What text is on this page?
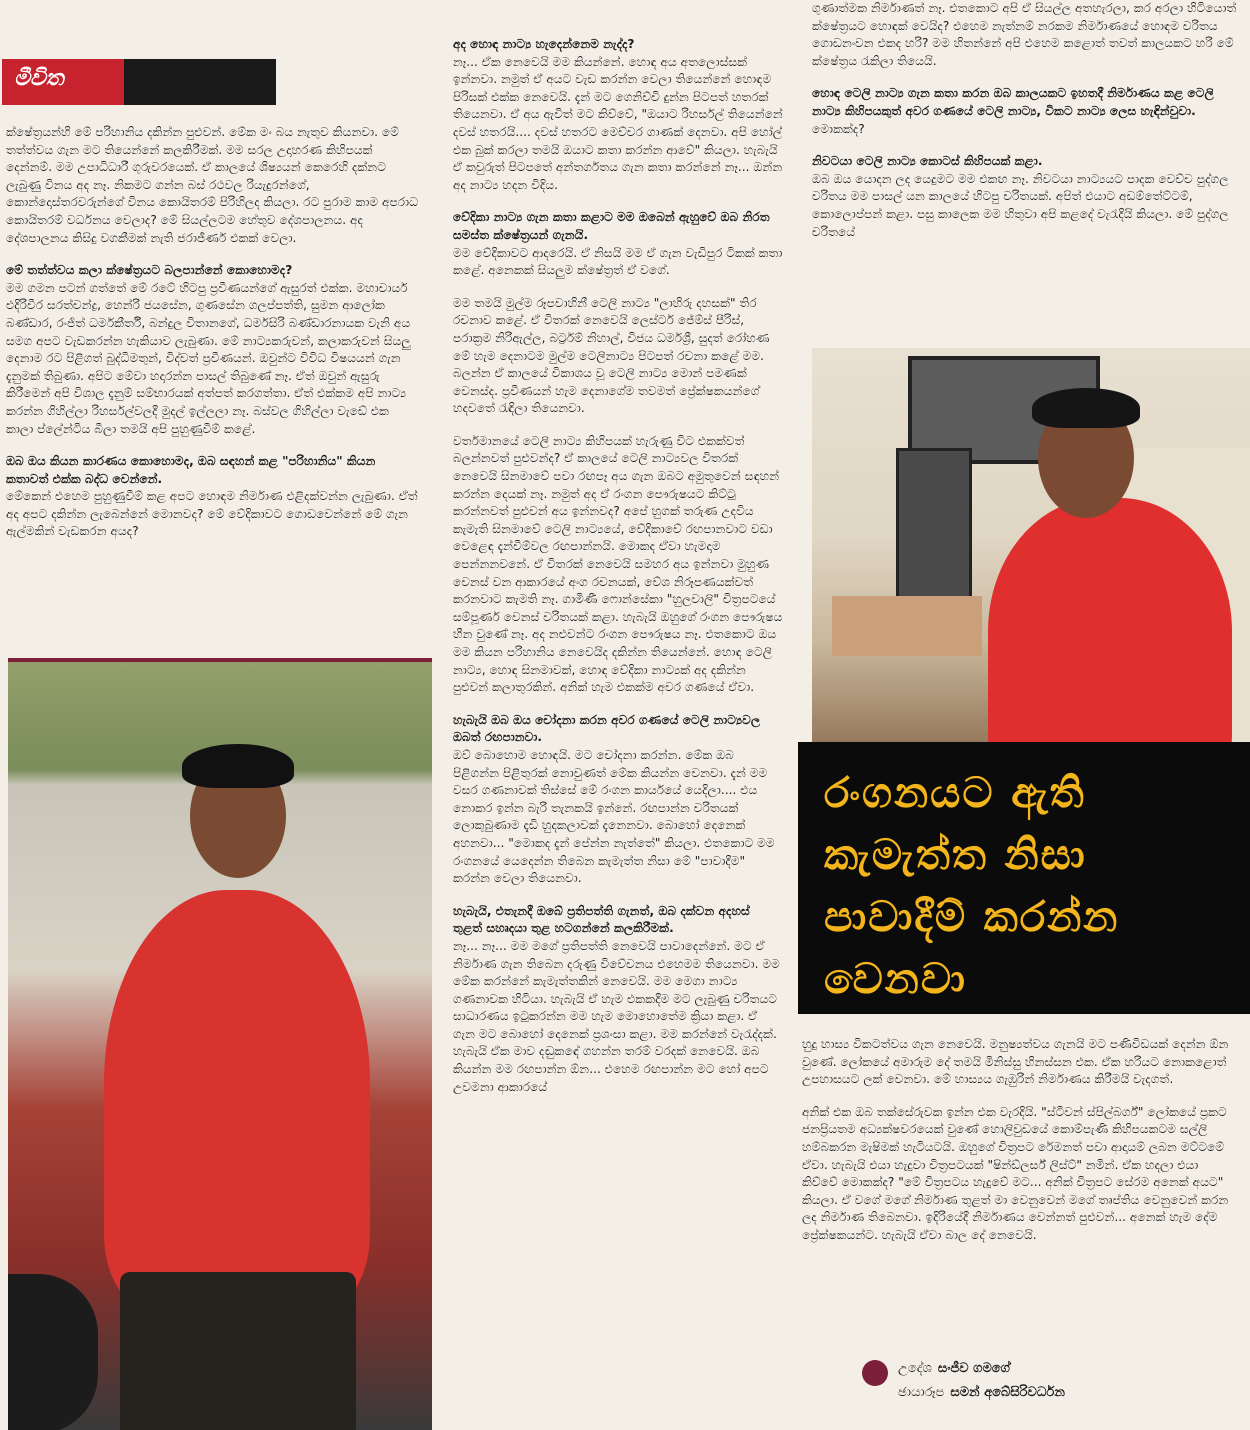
මීවිත

ක්ෂේත්‍රයන්හි මේ පරිහානිය දකින්න පුළුවන්. මේක මං බය නැතුව කියනවා. මේ තත්ත්වය ගැන මට තියෙන්නේ කලකිරීමක්. මම සරල උදාහරණ කිහිපයක් දෙන්නම්. මම උපාධිධාරී ගුරුවරයෙක්. ඒ කාලයේ ශිෂ්‍යයන් කෙරෙහි දක්නට ලැබුණු විනය අද නෑ. නිකමට ගන්න බස් රථවල රියැදුරන්ගේ, කොන්දොස්තරවරුන්ගේ විනය කොයිතරම් පිරිහිලද කියලා. රට පුරාම කාම අපරාධ කොයිතරම් වර්ධනය වෙලාද? මේ සියල්ලටම හේතුව දේශපාලනය. අද දේශපාලනය කිසිදු වගකීමක් නැති ජරාජීර්ණ එකක් වෙලා.

මේ තත්ත්වය කලා ක්ෂේත්‍රයට බලපාන්නේ කොහොමද?

මම ගමන පටන් ගත්තේ මේ රටේ හිටපු ප්‍රවීණයන්ගේ ඇසුරත් එක්ක. මහාචාර්ය එදිරිවීර සරත්චන්ද්‍ර, හෙන්රි ජයසේන, ගුණසේන ගලප්පත්ති, සුමන ආලෝක බණ්ඩාර, රංජිත් ධර්මකීර්ති, බන්දුල විතානගේ, ධර්මසිරි බණ්ඩාරනායක වැනි අය සමග අපට වැඩකරන්න හැකියාව ලැබුණා. මේ නාට්‍යකරුවන්, කලාකරුවන් සියලු දෙනාම රට පිළිගත් බුද්ධිමතුන්, විද්වත් ප්‍රවීණයන්. ඔවුන්ට විවිධ විෂයයන් ගැන දැනුමක් තිබුණා. අපිට මේවා හදාරන්න පාසල් තිබුණේ නෑ. ඒත් ඔවුන් ඇසුරු කිරීමෙන් අපි විශාල දැනුම් සම්භාරයක් අත්පත් කරගත්තා. ඒත් එක්කම අපි නාට්‍ය කරන්න ගිහිල්ලා රිහර්සල්වලදී මුදල් ඉල්ලලා නෑ. බස්වල ගිහිල්ලා වැඩේ එක කාලා ප්ලේන්ටිය බීලා තමයි අපි පුහුණුවීම් කළේ.

ඔබ ඔය කියන කාරණය කොහොමද, ඔබ සඳහන් කළ "පරිහානිය" කියන කතාවත් එක්ක බද්ධ වෙන්නේ.

මේකෙන් එහෙම පුහුණුවීම් කළ අපට හොඳම නිර්මාණ එළිදක්වන්න ලැබුණා. ඒත් අද අපට දකින්න ලැබෙන්නේ මොනවද? මේ වේදිකාවට ගොඩවෙන්නේ මේ ගැන ඇල්මකින් වැඩකරන අයද?

අද හොඳ නාට්‍ය හැදෙන්නෙම නැද්ද?

නෑ... ඒක නෙවෙයි මම කියන්නේ. හොඳ අය අතලොස්සක් ඉන්නවා. නමුත් ඒ අයට වැඩ කරන්න වෙලා තියෙන්නේ හොඳම පිරිසක් එක්ක නෙවෙයි. දැන් මට ගෙනිච්චි දුන්න පිටපත් හතරක් තියෙනවා. ඒ අය ඇවිත් මට කිව්වේ, "ඔයාට රිහර්සල් තියෙන්නේ දවස් හතරයි.... දවස් හතරට මෙච්චර ගාණක් දෙනවා. අපි හෝල් එක බුක් කරලා තමයි ඔයාට කතා කරන්න ආවේ" කියලා. හැබැයි ඒ කවුරුත් පිටපතේ අන්තර්ගතය ගැන කතා කරන්නේ නෑ... ඔන්න අද නාට්‍ය හදන විදිය.

වේදිකා නාට්‍ය ගැන කතා කළාට මම ඔබෙන් ඇහුවේ ඔබ නිරත සමස්ත ක්ෂේත්‍රයන් ගැනයි.

මම වේදිකාවට ආදරෙයි. ඒ නිසයි මම ඒ ගැන වැඩිපුර ටිකක් කතා කළේ. අනෙකක් සියලුම ක්ෂේත්‍රත් ඒ වගේ.

මම තමයි මුල්ම රූපවාහිනී ටෙලි නාට්‍ය "ලාහිරු දහසක්" තිර රචනාව කළේ. ඒ විතරක් නෙවෙයි ලෙස්ටර් ජේම්ස් පීරිස්, පරාක්‍රම නිරිඇල්ල, බර්ට්‍රම් නිහාල්, විජය ධර්මශ්‍රී, සුදත් රෝහණ මේ හැම දෙනාටම මුල්ම ටෙලිනාට්‍ය පිටපත් රචනා කළේ මම. බලන්න ඒ කාලයේ විකාශය වූ ටෙලි නාට්‍ය මොන් පමණක් වෙනස්ද. ප්‍රවීණයන් හැම දෙනාගේම තවමත් ප්‍රේක්ෂකයන්ගේ හදවතේ රැඳිලා තියෙනවා.

වර්තමානයේ ටෙලි නාට්‍ය කිහිපයක් හැරුණු විට එකක්වත් බලන්නවත් පුළුවන්ද? ඒ කාලයේ ටෙලි නාට්‍යවල විතරක් නෙවෙයි සිනමාවේ පවා රඟපෑ අය ගැන ඔබට අමුතුවෙන් සඳහන් කරන්න දෙයක් නෑ. නමුත් අද ඒ රංගන පෞරුෂයට කිට්ටු කරන්නවත් පුළුවන් අය ඉන්නවද? අපේ හුගක් තරුණ උදවිය කැමැති සිනමාවේ ටෙලි නාට්‍යයේ, වේදිකාවේ රඟපානවාට වඩා වෙළෙඳ දැන්වීම්වල රඟපාන්නයි. මොකද ඒවා හැමදාම පෙන්නනවනේ. ඒ විතරක් නෙවෙයි සමහර අය ඉන්නවා මුහුණ වෙනස් වන ආකාරයේ අංග රචනයක්, වේශ නිරූපණයක්වත් කරනවාට කැමති නෑ. ගාමිණී ෆොන්සේකා "හුලවාලි" චිත්‍රපටයේ සම්පූර්ණ වෙනස් චරිතයක් කළා. හැබැයි ඔහුගේ රංගන පෞරුෂය හීන වුණේ නෑ. අද නළුවන්ට රංගන පෞරුෂය නෑ. එතකොට ඔය මම කියන පරිහානිය නෙවෙයිද දකින්න තියෙන්නේ. හොඳ ටෙලි නාට්‍ය, හොඳ සිනමාවක්, හොඳ වේදිකා නාට්‍යක් අද දකින්න පුළුවන් කලාතුරකින්. අනික් හැම එකක්ම අවර ගණයේ ඒවා.

හැබැයි ඔබ ඔය චෝදනා කරන අවර ගණයේ ටෙලි නාට්‍යවල ඔබත් රඟපානවා.

ඔව් බොහොම හොඳයි. මට චෝදනා කරන්න. මේක ඔබ පිළිගන්න පිළිතුරක් නොවුණත් මේක කියන්න වෙනවා. දැන් මම වසර ගණනාවක් තිස්සේ මේ රංගන කාර්යයේ යෙදිලා.... එය නොකර ඉන්න බැරි තැනකයි ඉන්නේ. රඟපාන්න චරිතයක් ලොකුබුණාම දැඩි හුදකලාවක් දැනෙනවා. බොහෝ දෙනෙක් අහනවා... "මොකද දැන් පේන්න නැත්තේ" කියලා. එතකොට මම රංගනයේ යෙදෙන්න තිබෙන කැමැත්ත නිසා මේ "පාවාදීම" කරන්න වෙලා තියෙනවා.

හැබැයි, එතැනදී ඔබේ ප්‍රතිපත්ති ගැනත්, ඔබ දක්වන අදහස් තුළත් සහෘදයා තුළ හටගන්නේ කලකිරීමක්.

නෑ... නෑ... මම මගේ ප්‍රතිපත්ති නෙවෙයි පාවාදෙන්නේ. මට ඒ නිර්මාණ ගැන තිබෙන දරුණු විවේචනය එහෙමම තියෙනවා. මම මේක කරන්නේ කැමැත්තකින් නෙවෙයි. මම මෙගා නාට්‍ය ගණනාවක හිටියා. හැබැයි ඒ හැම එකකදීම මට ලැබුණු චරිතයට සාධාරණය ඉටුකරන්න මම හැම මොහොතේම ක්‍රියා කළා. ඒ ගැන මට බොහෝ දෙනෙක් ප්‍රශංසා කළා. මම කරන්නේ වැරැද්දක්. හැබැයි ඒක මාව දඬුකඳේ ගහන්න තරම් වරදක් නෙවෙයි. ඔබ කියන්න මම රඟපාන්න ඕන... එහෙම රඟපාන්න මට හෝ අපට උවමනා ආකාරයේ

ගුණාත්මක නිර්මාණත් නෑ. එතකොට අපි ඒ සියල්ල අතහැරලා, කර අරලා හිටියොත් ක්ෂේත්‍රයට හොඳක් වෙයිද? එහෙම නැත්නම් නරකම නිර්මාණයේ හොඳම චරිතය ගොඩනංවන එකද හරි? මම හිතන්නේ අපි එහෙම කළොත් තවත් කාලයකට හරි මේ ක්ෂේත්‍රය රැකිලා තියෙයි.

හොඳ ටෙලි නාට්‍ය ගැන කතා කරන ඔබ කාලයකට ඉහතදී නිර්මාණය කළ ටෙලි නාට්‍ය කිහිපයකුත් අවර ගණයේ ටෙලි නාට්‍ය, විකට නාට්‍ය ලෙස හැඳින්වුවා.

මොකක්ද?

නිවටයා ටෙලි නාට්‍ය කොටස් කිහිපයක් කළා.

ඔබ ඔය යොදන ලද යෙදුමට මම එකඟ නෑ. නිවටයා නාට්‍යයට පාදක වෙච්ච පුද්ගල චරිතය මම පාසල් යන කාලයේ හිටපු චරිතයක්. අපිත් එයාට අඩම්තේට්ටම්, කොලොප්පන් කළා. පසු කාලෙක මම හිතුවා අපි කළදේ වැරැදියි කියලා. මේ පුද්ගල චරිතයේ

හුදු හාස්‍ය විකටත්වය ගැන නෙවෙයි. මනුෂ්‍යත්වය ගැනයි මට පණිවිඩයක් දෙන්න ඕන වුණේ. ලෝකයේ අමාරුම දේ තමයි මිනිස්සු හිනස්සන එක. ඒක හරියට නොකළොත් උපහාසයට ලක් වෙනවා. මේ හාස්‍යය ගැඹුරින් නිර්මාණය කිරීමයි වැදගත්.

අනික් එක ඔබ තක්සේරුවක ඉන්න එක වැරදියි. "ස්ටීවන් ස්පිල්බර්ග්" ලෝකයේ ප්‍රකට ජනප්‍රියතම අධ්‍යක්ෂවරයෙක් වුණේ හොලිවුඩයේ කොම්පැණි කිහිපයකටම සල්ලි හම්බකරන මැෂිමක් හැටියටයි. ඔහුගේ චිත්‍රපට රේමනත් පවා ආදායම් ලබන මට්ටමේ ඒවා. හැබැයි එයා හැදුවා චිත්‍රපටයක් "ෂින්ඩ්ලර්ස් ලිස්ට්" නමින්. ඒක හදලා එයා කිව්වේ මොකක්ද? "මේ චිත්‍රපටය හැදුවේ මට... අනික් චිත්‍රපට සේරම අනෙක් අයට" කියලා. ඒ වගේ මගේ නිර්මාණ තුළත් මා වෙනුවෙන් මගේ තෘප්තිය වෙනුවෙන් කරන ලද නිර්මාණ තිබෙනවා. ඉදිරියේදී නිර්මාණය වෙන්නත් පුළුවන්... අනෙක් හැම දේම ප්‍රේක්ෂකයන්ට. හැබැයි ඒවා බාල දේ නෙවෙයි.

රංගනයට ඇති කැමැත්ත නිසා පාවාදීම් කරන්න වෙනවා
උදේශ සංජීව ගමගේ
ඡායාරූප සමන් අබේසිරිවර්ධන
